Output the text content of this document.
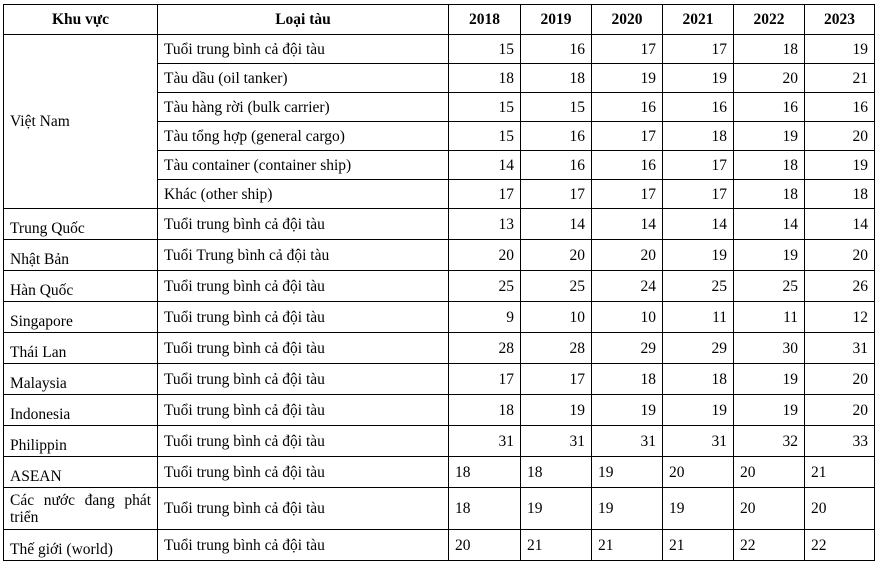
Khu vực	Loại tàu	2018	2019	2020	2021	2022	2023
Việt Nam	Tuổi trung bình cả đội tàu	15	16	17	17	18	19
	Tàu dầu (oil tanker)	18	18	19	19	20	21
	Tàu hàng rời (bulk carrier)	15	15	16	16	16	16
	Tàu tổng hợp (general cargo)	15	16	17	18	19	20
	Tàu container (container ship)	14	16	16	17	18	19
	Khác (other ship)	17	17	17	17	18	18
Trung Quốc	Tuổi trung bình cả đội tàu	13	14	14	14	14	14
Nhật Bản	Tuổi Trung bình cả đội tàu	20	20	20	19	19	20
Hàn Quốc	Tuổi trung bình cả đội tàu	25	25	24	25	25	26
Singapore	Tuổi trung bình cả đội tàu	9	10	10	11	11	12
Thái Lan	Tuổi trung bình cả đội tàu	28	28	29	29	30	31
Malaysia	Tuổi trung bình cả đội tàu	17	17	18	18	19	20
Indonesia	Tuổi trung bình cả đội tàu	18	19	19	19	19	20
Philippin	Tuổi trung bình cả đội tàu	31	31	31	31	32	33
ASEAN	Tuổi trung bình cả đội tàu	18	18	19	20	20	21
Các nước đang phát triển	Tuổi trung bình cả đội tàu	18	19	19	19	20	20
Thế giới (world)	Tuổi trung bình cả đội tàu	20	21	21	21	22	22
